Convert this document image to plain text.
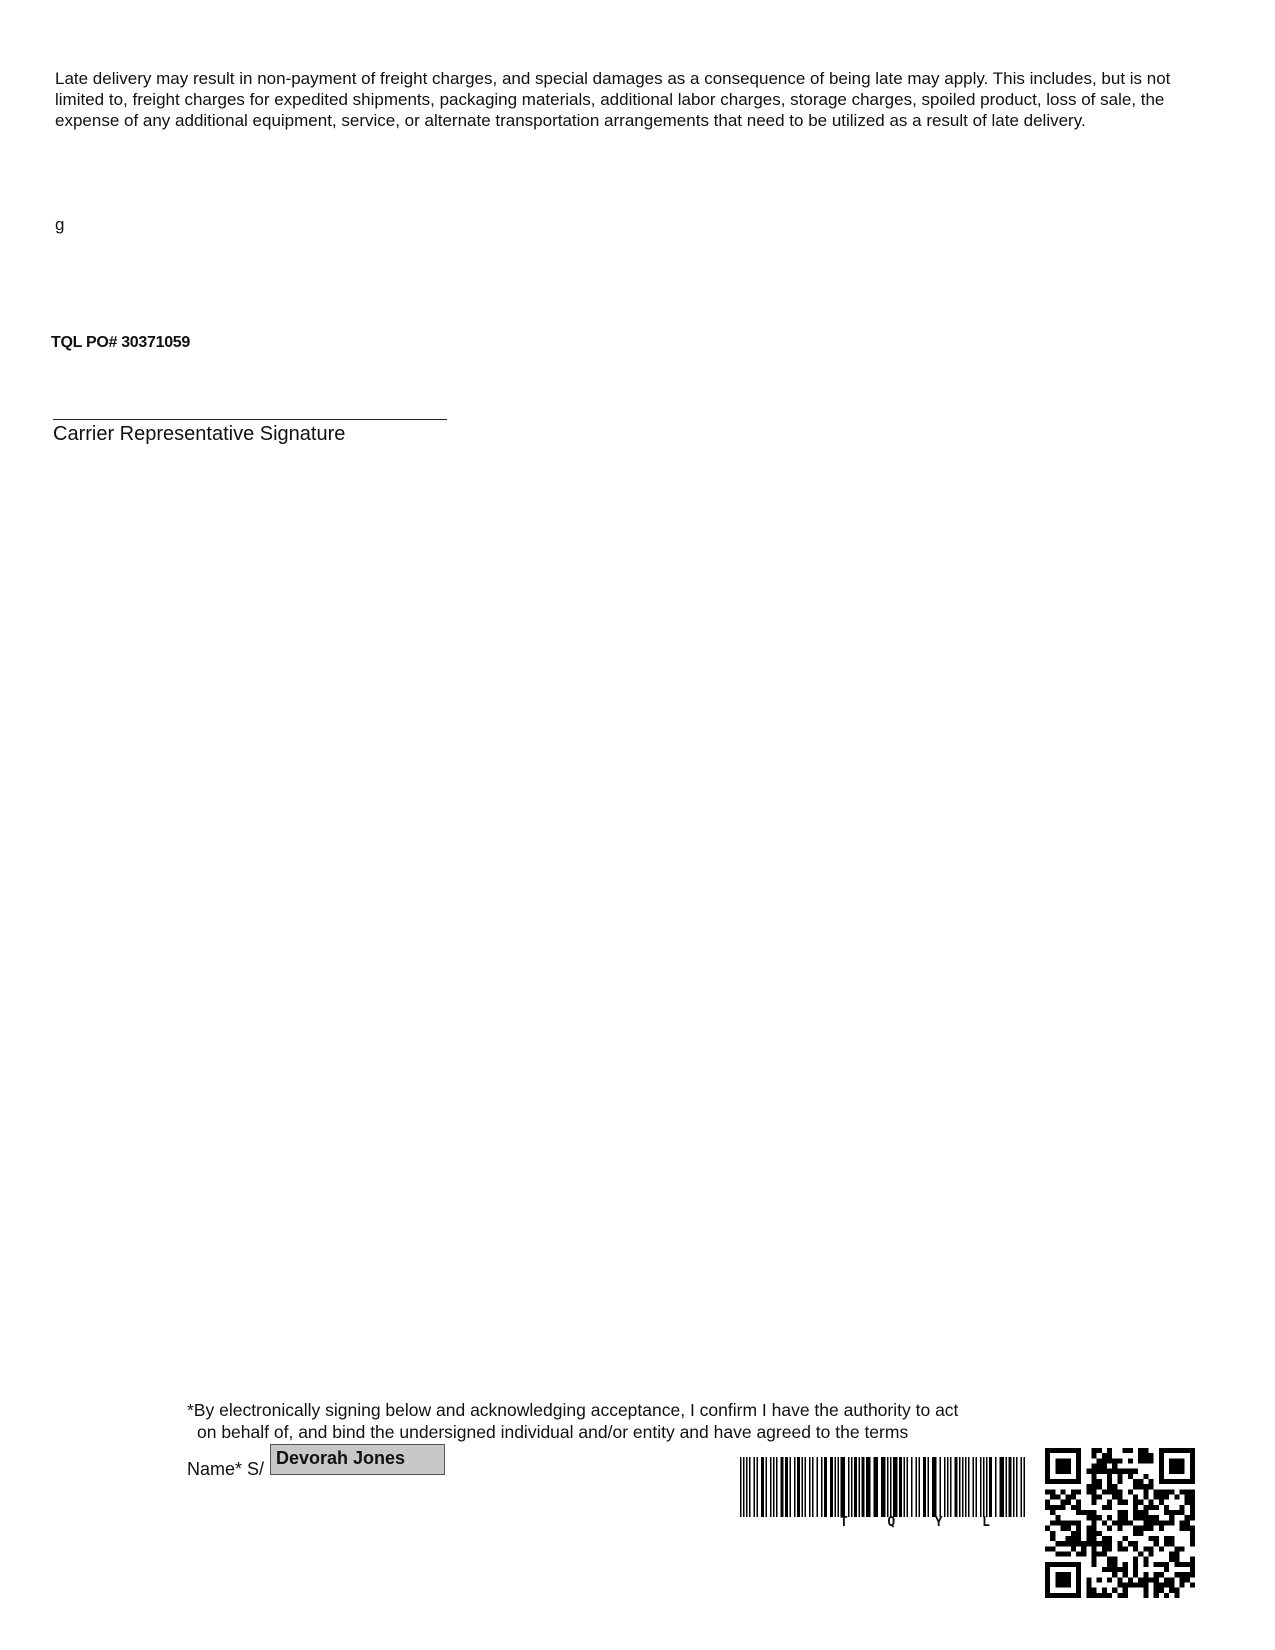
Late delivery may result in non-payment of freight charges, and special damages as a consequence of being late may apply. This includes, but is not limited to, freight charges for expedited shipments, packaging materials, additional labor charges, storage charges, spoiled product, loss of sale, the expense of any additional equipment, service, or alternate transportation arrangements that need to be utilized as a result of late delivery.

g
TQL PO# 30371059
Carrier Representative Signature

*By electronically signing below and acknowledging acceptance, I confirm I have the authority to act
on behalf of, and bind the undersigned individual and/or entity and have agreed to the terms

Name* S/
Devorah Jones
T	Q	Y	L
